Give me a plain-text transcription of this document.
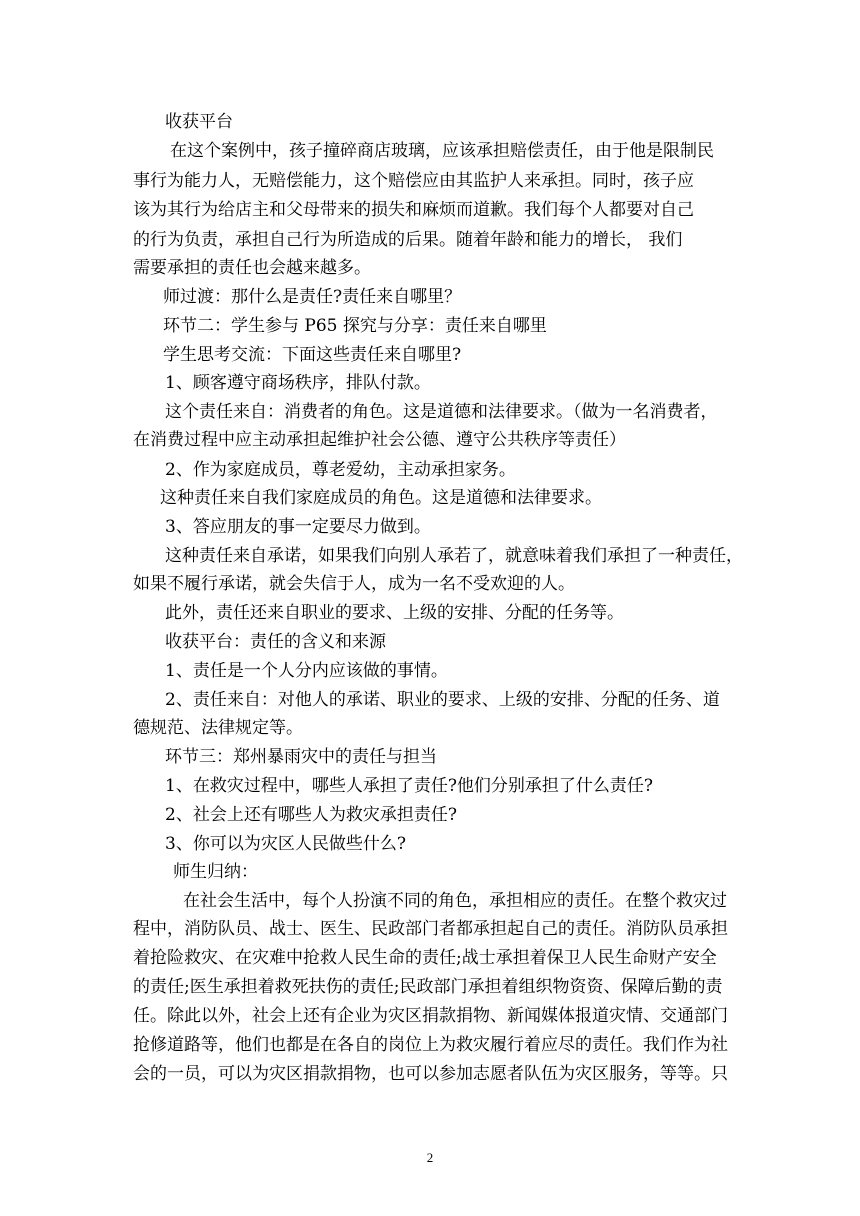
收获平台
在这个案例中，孩子撞碎商店玻璃，应该承担赔偿责任，由于他是限制民
事行为能力人，无赔偿能力，这个赔偿应由其监护人来承担。同时，孩子应
该为其行为给店主和父母带来的损失和麻烦而道歉。我们每个人都要对自己
的行为负责，承担自己行为所造成的后果。随着年龄和能力的增长， 我们
需要承担的责任也会越来越多。
师过渡：那什么是责任?责任来自哪里？
环节二：学生参与 P65 探究与分享：责任来自哪里
学生思考交流：下面这些责任来自哪里?
1、顾客遵守商场秩序，排队付款。
这个责任来自：消费者的角色。这是道德和法律要求。（做为一名消费者，
在消费过程中应主动承担起维护社会公德、遵守公共秩序等责任）
2、作为家庭成员，尊老爱幼，主动承担家务。
这种责任来自我们家庭成员的角色。这是道德和法律要求。
3、答应朋友的事一定要尽力做到。
这种责任来自承诺，如果我们向别人承若了，就意味着我们承担了一种责任，
如果不履行承诺，就会失信于人，成为一名不受欢迎的人。
此外，责任还来自职业的要求、上级的安排、分配的任务等。
收获平台：责任的含义和来源
1、责任是一个人分内应该做的事情。
2、责任来自：对他人的承诺、职业的要求、上级的安排、分配的任务、道
德规范、法律规定等。
环节三：郑州暴雨灾中的责任与担当
1、在救灾过程中，哪些人承担了责任?他们分别承担了什么责任?
2、社会上还有哪些人为救灾承担责任?
3、你可以为灾区人民做些什么?
师生归纳：
在社会生活中，每个人扮演不同的角色，承担相应的责任。在整个救灾过
程中，消防队员、战士、医生、民政部门者都承担起自己的责任。消防队员承担
着抢险救灾、在灾难中抢救人民生命的责任;战士承担着保卫人民生命财产安全
的责任;医生承担着救死扶伤的责任;民政部门承担着组织物资资、保障后勤的责
任。除此以外，社会上还有企业为灾区捐款捐物、新闻媒体报道灾情、交通部门
抢修道路等，他们也都是在各自的岗位上为救灾履行着应尽的责任。我们作为社
会的一员，可以为灾区捐款捐物，也可以参加志愿者队伍为灾区服务，等等。只
2
